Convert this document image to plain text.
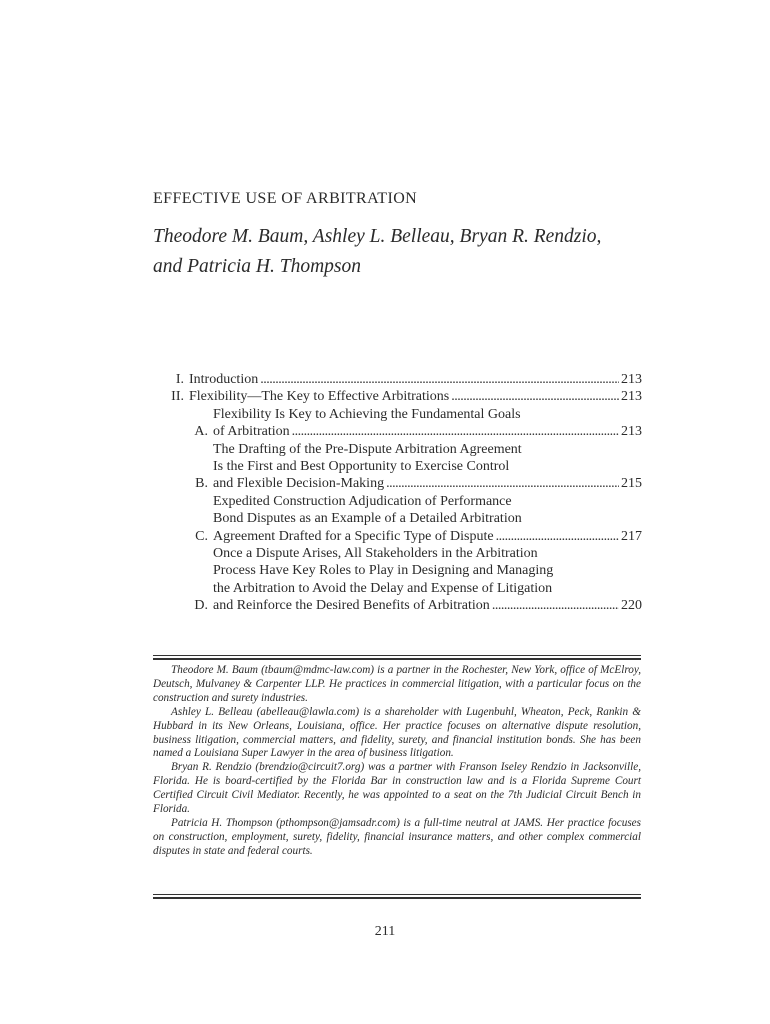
EFFECTIVE USE OF ARBITRATION
Theodore M. Baum, Ashley L. Belleau, Bryan R. Rendzio,
and Patricia H. Thompson
I. Introduction . . .	213
II. Flexibility—The Key to Effective Arbitrations . . .	213
A.
Flexibility Is Key to Achieving the Fundamental Goals
of Arbitration . . .	213
B.
The Drafting of the Pre-Dispute Arbitration Agreement
Is the First and Best Opportunity to Exercise Control
and Flexible Decision-Making . . .	215
C.
Expedited Construction Adjudication of Performance
Bond Disputes as an Example of a Detailed Arbitration
Agreement Drafted for a Specific Type of Dispute . . .	217
D.
Once a Dispute Arises, All Stakeholders in the Arbitration
Process Have Key Roles to Play in Designing and Managing
the Arbitration to Avoid the Delay and Expense of Litigation
and Reinforce the Desired Benefits of Arbitration . . .	220

Theodore M. Baum (tbaum@mdmc-law.com) is a partner in the Rochester, New York, office of McElroy, Deutsch, Mulvaney & Carpenter LLP. He practices in commercial litigation, with a particular focus on the construction and surety industries.

Ashley L. Belleau (abelleau@lawla.com) is a shareholder with Lugenbuhl, Wheaton, Peck, Rankin & Hubbard in its New Orleans, Louisiana, office. Her practice focuses on alternative dispute resolution, business litigation, commercial matters, and fidelity, surety, and financial institution bonds. She has been named a Louisiana Super Lawyer in the area of business litigation.

Bryan R. Rendzio (brendzio@circuit7.org) was a partner with Franson Iseley Rendzio in Jacksonville, Florida. He is board-certified by the Florida Bar in construction law and is a Florida Supreme Court Certified Circuit Civil Mediator. Recently, he was appointed to a seat on the 7th Judicial Circuit Bench in Florida.

Patricia H. Thompson (pthompson@jamsadr.com) is a full-time neutral at JAMS. Her practice focuses on construction, employment, surety, fidelity, financial insurance matters, and other complex commercial disputes in state and federal courts.

211
